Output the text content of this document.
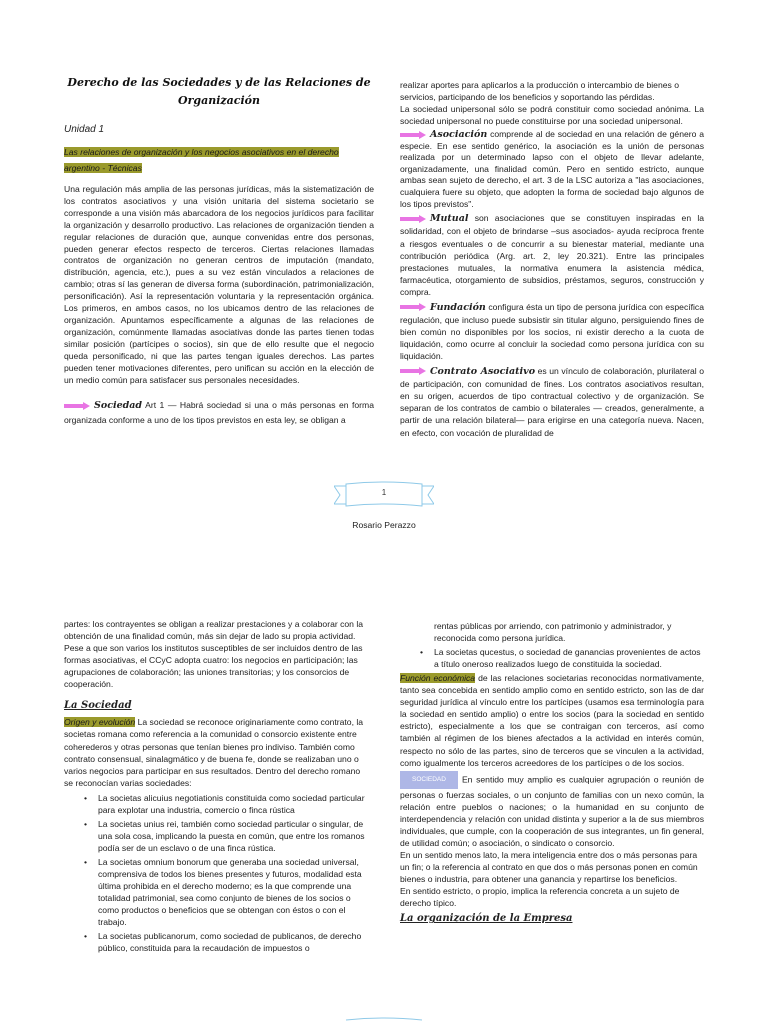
Derecho de las Sociedades y de las Relaciones de Organización
Unidad 1

Las relaciones de organización y los negocios asociativos en el derecho argentino - Técnicas

Una regulación más amplia de las personas jurídicas, más la sistematización de los contratos asociativos y una visión unitaria del sistema societario se corresponde a una visión más abarcadora de los negocios jurídicos para facilitar la organización y desarrollo productivo. Las relaciones de organización tienden a regular relaciones de duración que, aunque convenidas entre dos personas, pueden generar efectos respecto de terceros. Ciertas relaciones llamadas contratos de organización no generan centros de imputación (mandato, distribución, agencia, etc.), pues a su vez están vinculados a relaciones de cambio; otras sí las generan de diversa forma (subordinación, patrimonialización, personificación). Así la representación voluntaria y la representación orgánica. Los primeros, en ambos casos, no los ubicamos dentro de las relaciones de organización. Apuntamos específicamente a algunas de las relaciones de organización, comúnmente llamadas asociativas donde las partes tienen todas similar posición (partícipes o socios), sin que de ello resulte que el negocio queda personificado, ni que las partes tengan iguales derechos. Las partes pueden tener motivaciones diferentes, pero unifican su acción en la elección de un medio común para satisfacer sus personales necesidades.

Sociedad Art 1 — Habrá sociedad si una o más personas en forma organizada conforme a uno de los tipos previstos en esta ley, se obligan a

realizar aportes para aplicarlos a la producción o intercambio de bienes o servicios, participando de los beneficios y soportando las pérdidas.

La sociedad unipersonal sólo se podrá constituir como sociedad anónima. La sociedad unipersonal no puede constituirse por una sociedad unipersonal.

Asociación comprende al de sociedad en una relación de género a especie. En ese sentido genérico, la asociación es la unión de personas realizada por un determinado lapso con el objeto de llevar adelante, organizadamente, una finalidad común. Pero en sentido estricto, aunque ambas sean sujeto de derecho, el art. 3 de la LSC autoriza a "las asociaciones, cualquiera fuere su objeto, que adopten la forma de sociedad bajo algunos de los tipos previstos".

Mutual son asociaciones que se constituyen inspiradas en la solidaridad, con el objeto de brindarse –sus asociados- ayuda recíproca frente a riesgos eventuales o de concurrir a su bienestar material, mediante una contribución periódica (Arg. art. 2, ley 20.321). Entre las principales prestaciones mutuales, la normativa enumera la asistencia médica, farmacéutica, otorgamiento de subsidios, préstamos, seguros, construcción y compra.

Fundación configura ésta un tipo de persona jurídica con específica regulación, que incluso puede subsistir sin titular alguno, persiguiendo fines de bien común no disponibles por los socios, ni existir derecho a la cuota de liquidación, como ocurre al concluir la sociedad como persona jurídica con su liquidación.

Contrato Asociativo es un vínculo de colaboración, plurilateral o de participación, con comunidad de fines. Los contratos asociativos resultan, en su origen, acuerdos de tipo contractual colectivo y de organización. Se separan de los contratos de cambio o bilaterales — creados, generalmente, a partir de una relación bilateral— para erigirse en una categoría nueva. Nacen, en efecto, con vocación de pluralidad de

1
Rosario Perazzo

partes: los contrayentes se obligan a realizar prestaciones y a colaborar con la obtención de una finalidad común, más sin dejar de lado su propia actividad.

Pese a que son varios los institutos susceptibles de ser incluidos dentro de las formas asociativas, el CCyC adopta cuatro: los negocios en participación; las agrupaciones de colaboración; las uniones transitorias; y los consorcios de cooperación.

La Sociedad

Origen y evolución La sociedad se reconoce originariamente como contrato, la societas romana como referencia a la comunidad o consorcio existente entre coherederos y otras personas que tenían bienes pro indiviso. También como contrato consensual, sinalagmático y de buena fe, donde se realizaban uno o varios negocios para participar en sus resultados. Dentro del derecho romano se reconocían varias sociedades:

• La societas alicuius negotiationis constituida como sociedad particular para explotar una industria, comercio o finca rústica
• La societas unius rei, también como sociedad particular o singular, de una sola cosa, implicando la puesta en común, que entre los romanos podía ser de un esclavo o de una finca rústica.
• La societas omnium bonorum que generaba una sociedad universal, comprensiva de todos los bienes presentes y futuros, modalidad esta última prohibida en el derecho moderno; es la que comprende una totalidad patrimonial, sea como conjunto de bienes de los socios o como productos o beneficios que se obtengan con éstos o con el trabajo.
• La societas publicanorum, como sociedad de publicanos, de derecho público, constituida para la recaudación de impuestos o

rentas públicas por arriendo, con patrimonio y administrador, y reconocida como persona jurídica.

• La societas qucestus, o sociedad de ganancias provenientes de actos a título oneroso realizados luego de constituida la sociedad.

Función económica de las relaciones societarias reconocidas normativamente, tanto sea concebida en sentido amplio como en sentido estricto, son las de dar seguridad jurídica al vínculo entre los partícipes (usamos esa terminología para la sociedad en sentido amplio) o entre los socios (para la sociedad en sentido estricto), especialmente a los que se contraigan con terceros, así como también al régimen de los bienes afectados a la actividad en interés común, respecto no sólo de las partes, sino de terceros que se vinculen a la actividad, como igualmente los terceros acreedores de los partícipes o de los socios.

SOCIEDAD En sentido muy amplio es cualquier agrupación o reunión de personas o fuerzas sociales, o un conjunto de familias con un nexo común, la relación entre pueblos o naciones; o la humanidad en su conjunto de interdependencia y relación con unidad distinta y superior a la de sus miembros individuales, que cumple, con la cooperación de sus integrantes, un fin general, de utilidad común; o asociación, o sindicato o consorcio.

En un sentido menos lato, la mera inteligencia entre dos o más personas para un fin; o la referencia al contrato en que dos o más personas ponen en común bienes o industria, para obtener una ganancia y repartirse los beneficios.

En sentido estricto, o propio, implica la referencia concreta a un sujeto de derecho típico.

La organización de la Empresa
